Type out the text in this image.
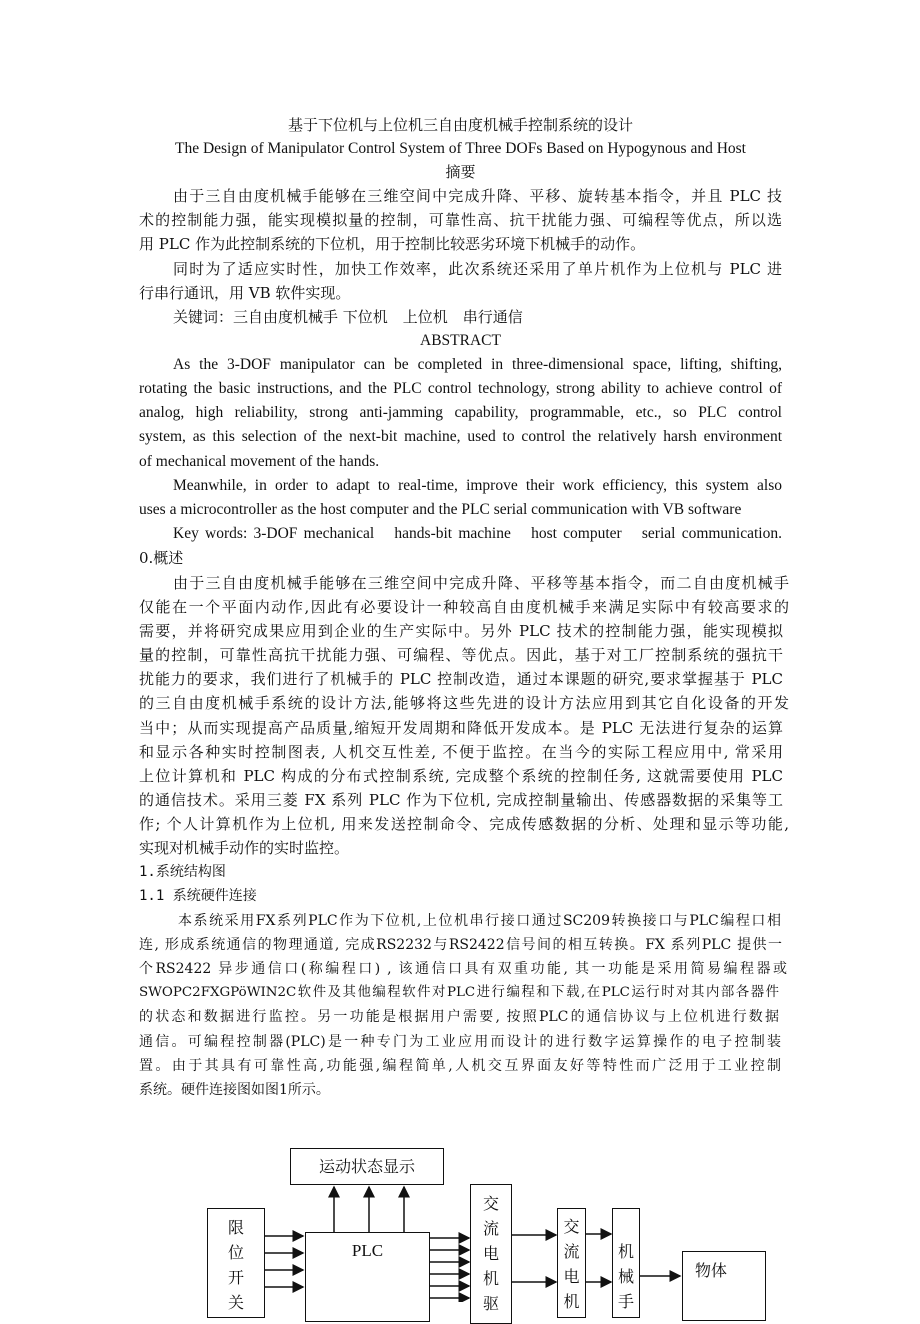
基于下位机与上位机三自由度机械手控制系统的设计
The Design of Manipulator Control System of Three DOFs Based on Hypogynous and Host
摘要
由于三自由度机械手能够在三维空间中完成升降、平移、旋转基本指令，并且 PLC 技
术的控制能力强，能实现模拟量的控制，可靠性高、抗干扰能力强、可编程等优点，所以选
用 PLC 作为此控制系统的下位机，用于控制比较恶劣环境下机械手的动作。
同时为了适应实时性，加快工作效率，此次系统还采用了单片机作为上位机与 PLC 进
行串行通讯，用 VB 软件实现。
关键词：三自由度机械手 下位机　上位机　串行通信
ABSTRACT
As the 3-DOF manipulator can be completed in three-dimensional space, lifting, shifting,
rotating the basic instructions, and the PLC control technology, strong ability to achieve control of
analog, high reliability, strong anti-jamming capability, programmable, etc., so PLC control
system, as this selection of the next-bit machine, used to control the relatively harsh environment
of mechanical movement of the hands.
Meanwhile, in order to adapt to real-time, improve their work efficiency, this system also
uses a microcontroller as the host computer and the PLC serial communication with VB software
Key words: 3-DOF mechanical　hands-bit machine　host computer　serial communication.
0.概述
由于三自由度机械手能够在三维空间中完成升降、平移等基本指令，而二自由度机械手
仅能在一个平面内动作,因此有必要设计一种较高自由度机械手来满足实际中有较高要求的
需要，并将研究成果应用到企业的生产实际中。另外 PLC 技术的控制能力强，能实现模拟
量的控制，可靠性高抗干扰能力强、可编程、等优点。因此，基于对工厂控制系统的强抗干
扰能力的要求，我们进行了机械手的 PLC 控制改造，通过本课题的研究,要求掌握基于 PLC
的三自由度机械手系统的设计方法,能够将这些先进的设计方法应用到其它自化设备的开发
当中；从而实现提高产品质量,缩短开发周期和降低开发成本。是 PLC 无法进行复杂的运算
和显示各种实时控制图表, 人机交互性差, 不便于监控。在当今的实际工程应用中, 常采用
上位计算机和 PLC 构成的分布式控制系统, 完成整个系统的控制任务, 这就需要使用 PLC
的通信技术。采用三菱 FX 系列 PLC 作为下位机, 完成控制量输出、传感器数据的采集等工
作; 个人计算机作为上位机, 用来发送控制命令、完成传感数据的分析、处理和显示等功能,
实现对机械手动作的实时监控。
1.系统结构图
1.1 系统硬件连接
本系统采用FX系列PLC作为下位机,上位机串行接口通过SC209转换接口与PLC编程口相
连, 形成系统通信的物理通道, 完成RS2232与RS2422信号间的相互转换。FX 系列PLC 提供一
个RS2422 异步通信口(称编程口) , 该通信口具有双重功能, 其一功能是采用简易编程器或
SWOPC2FXGPöWIN2C软件及其他编程软件对PLC进行编程和下载,在PLC运行时对其内部各器件
的状态和数据进行监控。另一功能是根据用户需要, 按照PLC的通信协议与上位机进行数据
通信。可编程控制器(PLC)是一种专门为工业应用而设计的进行数字运算操作的电子控制装
置。由于其具有可靠性高,功能强,编程简单,人机交互界面友好等特性而广泛用于工业控制
系统。硬件连接图如图1所示。
运动状态显示
限
位
开
关
PLC
交
流
电
机
驱
交
流
电
机
机
械
手
物体
